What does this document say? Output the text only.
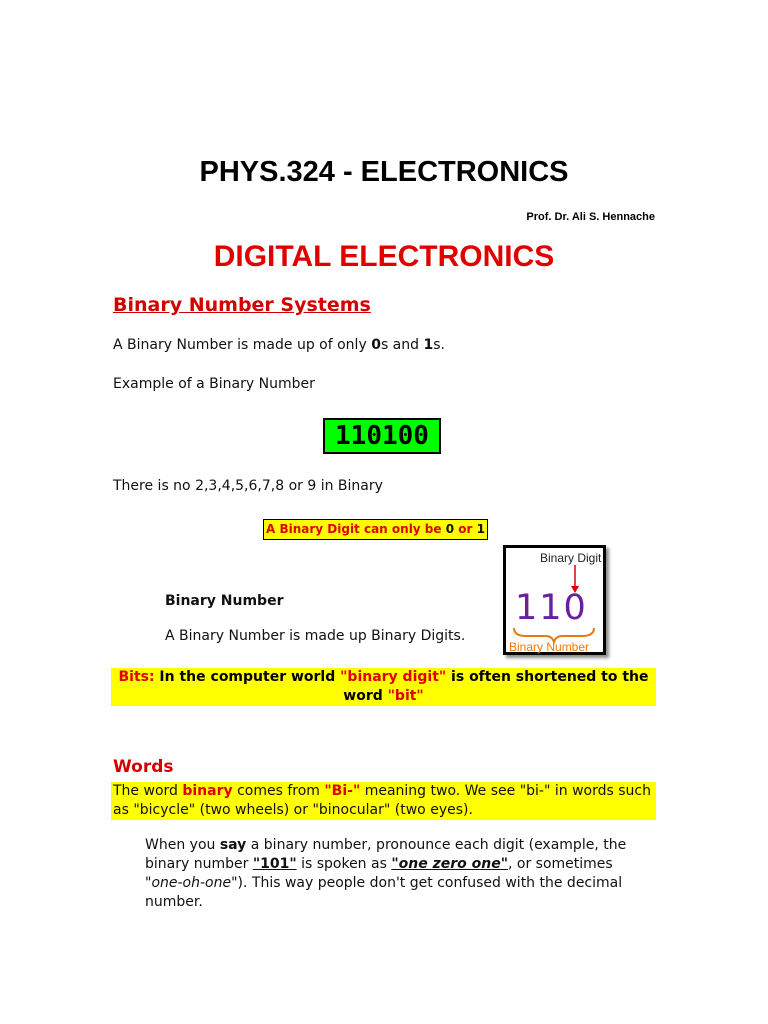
PHYS.324 - ELECTRONICS
Prof. Dr. Ali S. Hennache
DIGITAL ELECTRONICS
Binary Number Systems
A Binary Number is made up of only 0s and 1s.
Example of a Binary Number
110100
There is no 2,3,4,5,6,7,8 or 9 in Binary
A Binary Digit can only be 0 or 1
Binary Digit
110
Binary Number
Binary Number
A Binary Number is made up Binary Digits.
Bits: In the computer world "binary digit" is often shortened to the word "bit"
Words
The word binary comes from "Bi-" meaning two. We see "bi-" in words such as "bicycle" (two wheels) or "binocular" (two eyes).
When you say a binary number, pronounce each digit (example, the binary number "101" is spoken as "one zero one", or sometimes "one-oh-one"). This way people don't get confused with the decimal number.
